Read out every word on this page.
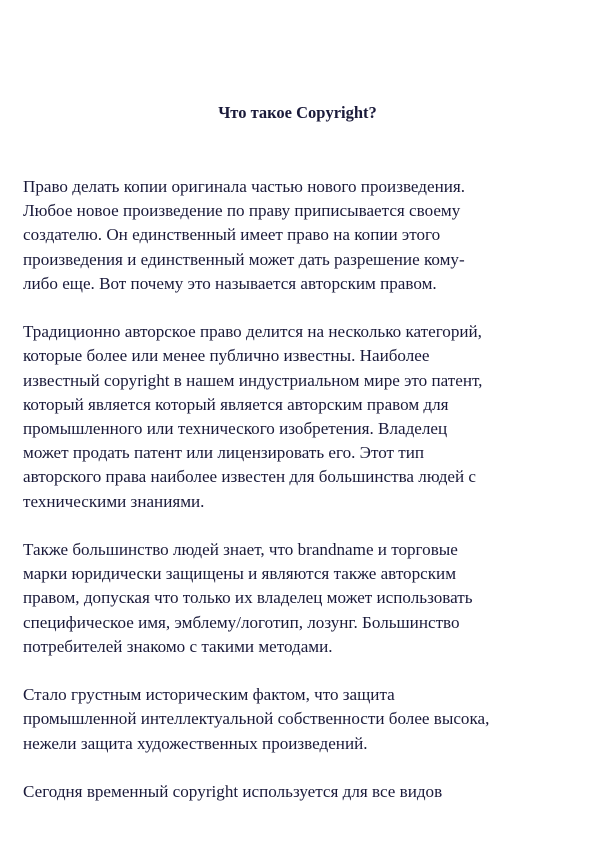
Что такое Copyright?

Право делать копии оригинала частью нового произведения.
Любое новое произведение по праву приписывается своему
создателю. Он единственный имеет право на копии этого
произведения и единственный может дать разрешение кому-
либо еще. Вот почему это называется авторским правом.

Традиционно авторское право делится на несколько категорий,
которые более или менее публично известны. Наиболее
известный copyright в нашем индустриальном мире это патент,
который является который является авторским правом для
промышленного или технического изобретения. Владелец
может продать патент или лицензировать его. Этот тип
авторского права наиболее известен для большинства людей с
техническими знаниями.

Также большинство людей знает, что brandname и торговые
марки юридически защищены и являются также авторским
правом, допуская что только их владелец может использовать
специфическое имя, эмблему/логотип, лозунг. Большинство
потребителей знакомо с такими методами.

Стало грустным историческим фактом, что защита
промышленной интеллектуальной собственности более высока,
нежели защита художественных произведений.

Сегодня временный copyright используется для все видов
